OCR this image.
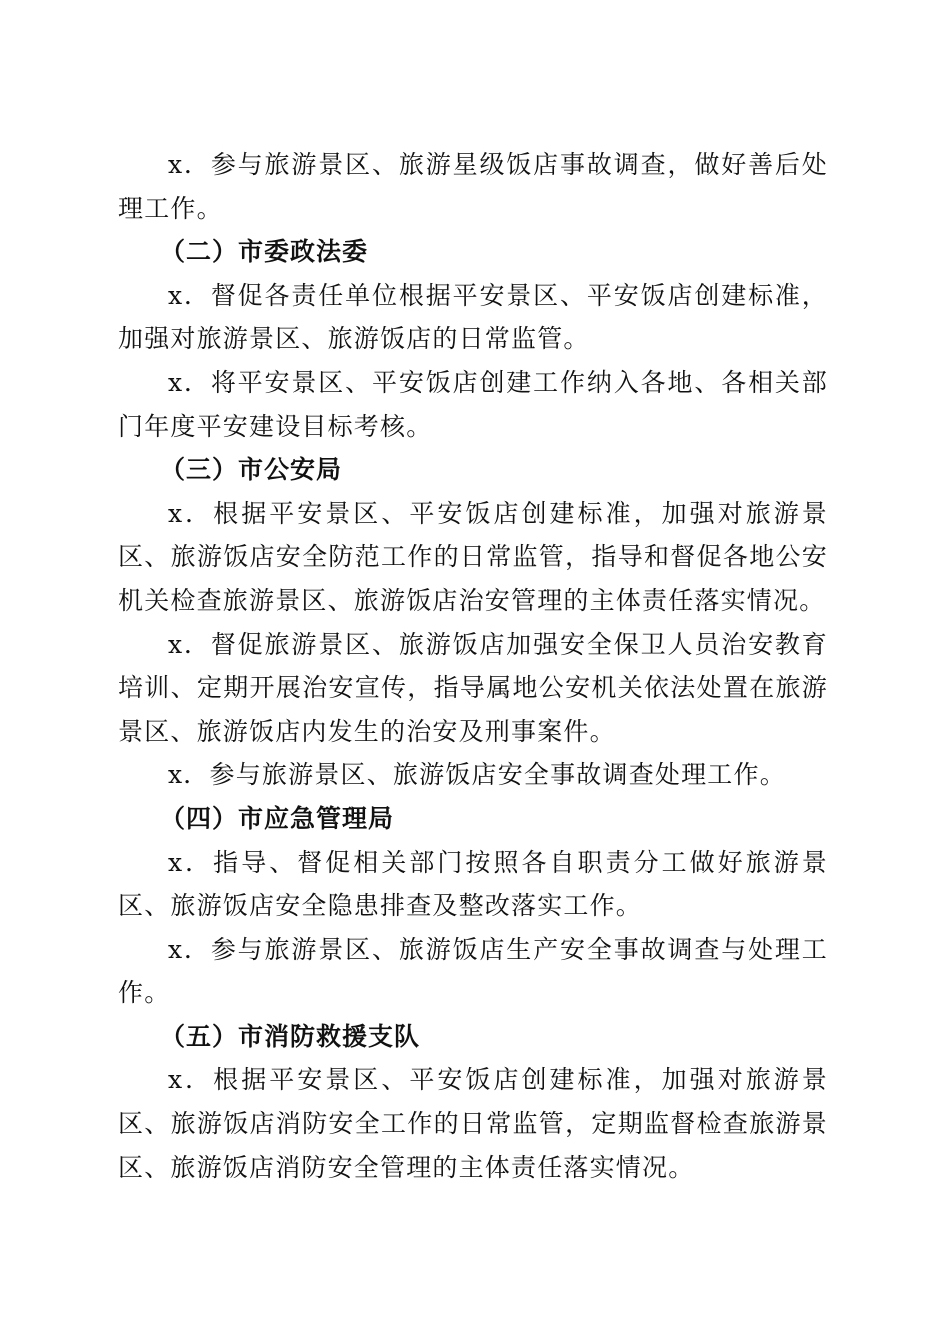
x．参与旅游景区、旅游星级饭店事故调查，做好善后处理工作。

（二）市委政法委

x．督促各责任单位根据平安景区、平安饭店创建标准，加强对旅游景区、旅游饭店的日常监管。

x．将平安景区、平安饭店创建工作纳入各地、各相关部门年度平安建设目标考核。

（三）市公安局

x．根据平安景区、平安饭店创建标准，加强对旅游景区、旅游饭店安全防范工作的日常监管，指导和督促各地公安机关检查旅游景区、旅游饭店治安管理的主体责任落实情况。

x．督促旅游景区、旅游饭店加强安全保卫人员治安教育培训、定期开展治安宣传，指导属地公安机关依法处置在旅游景区、旅游饭店内发生的治安及刑事案件。

x．参与旅游景区、旅游饭店安全事故调查处理工作。

（四）市应急管理局

x．指导、督促相关部门按照各自职责分工做好旅游景区、旅游饭店安全隐患排查及整改落实工作。

x．参与旅游景区、旅游饭店生产安全事故调查与处理工作。

（五）市消防救援支队

x．根据平安景区、平安饭店创建标准，加强对旅游景区、旅游饭店消防安全工作的日常监管，定期监督检查旅游景区、旅游饭店消防安全管理的主体责任落实情况。
